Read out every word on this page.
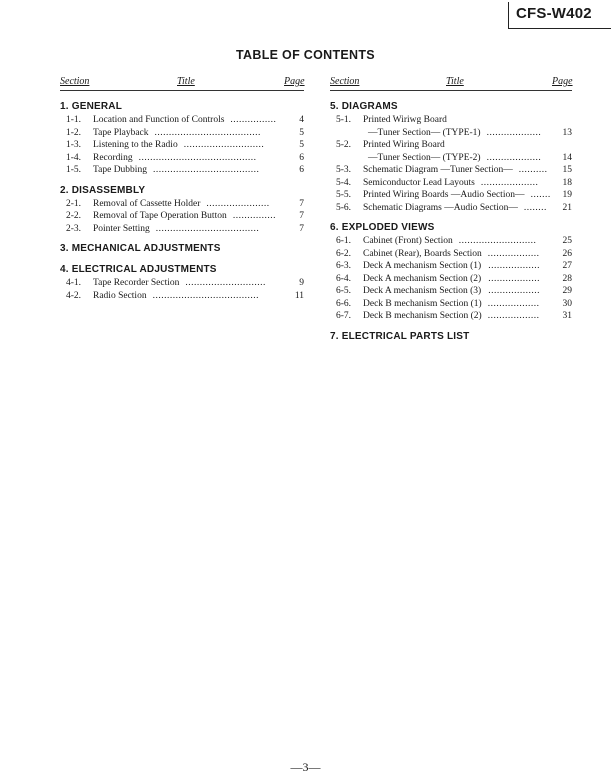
CFS-W402
TABLE OF CONTENTS
Section	Title	Page	Section	Title	Page
1. GENERAL
1-1. Location and Function of Controls ................ 4
1-2. Tape Playback .....................................	5
1-3. Listening to the Radio ............................	5
1-4. Recording .........................................	6
1-5. Tape Dubbing .....................................	6
2. DISASSEMBLY
2-1. Removal of Cassette Holder ......................	7
2-2. Removal of Tape Operation Button ............... 7
2-3. Pointer Setting ....................................	7
3. MECHANICAL ADJUSTMENTS
4. ELECTRICAL ADJUSTMENTS
4-1. Tape Recorder Section ............................	9
4-2. Radio Section .....................................	11
5. DIAGRAMS
5-1. Printed Wiriwg Board
—Tuner Section— (TYPE-1) ................... 13
5-2. Printed Wiring Board
—Tuner Section— (TYPE-2) ................... 14
5-3. Schematic Diagram —Tuner Section— .......... 15
5-4. Semiconductor Lead Layouts ....................	18
5-5. Printed Wiring Boards —Audio Section— ....... 19
5-6. Schematic Diagrams —Audio Section— ........ 21
6. EXPLODED VIEWS
6-1. Cabinet (Front) Section ...........................	25
6-2. Cabinet (Rear), Boards Section .................. 26
6-3. Deck A mechanism Section (1) .................. 27
6-4. Deck A mechanism Section (2) .................. 28
6-5. Deck A mechanism Section (3) .................. 29
6-6. Deck B mechanism Section (1) .................. 30
6-7. Deck B mechanism Section (2) .................. 31
7. ELECTRICAL PARTS LIST
—3—
